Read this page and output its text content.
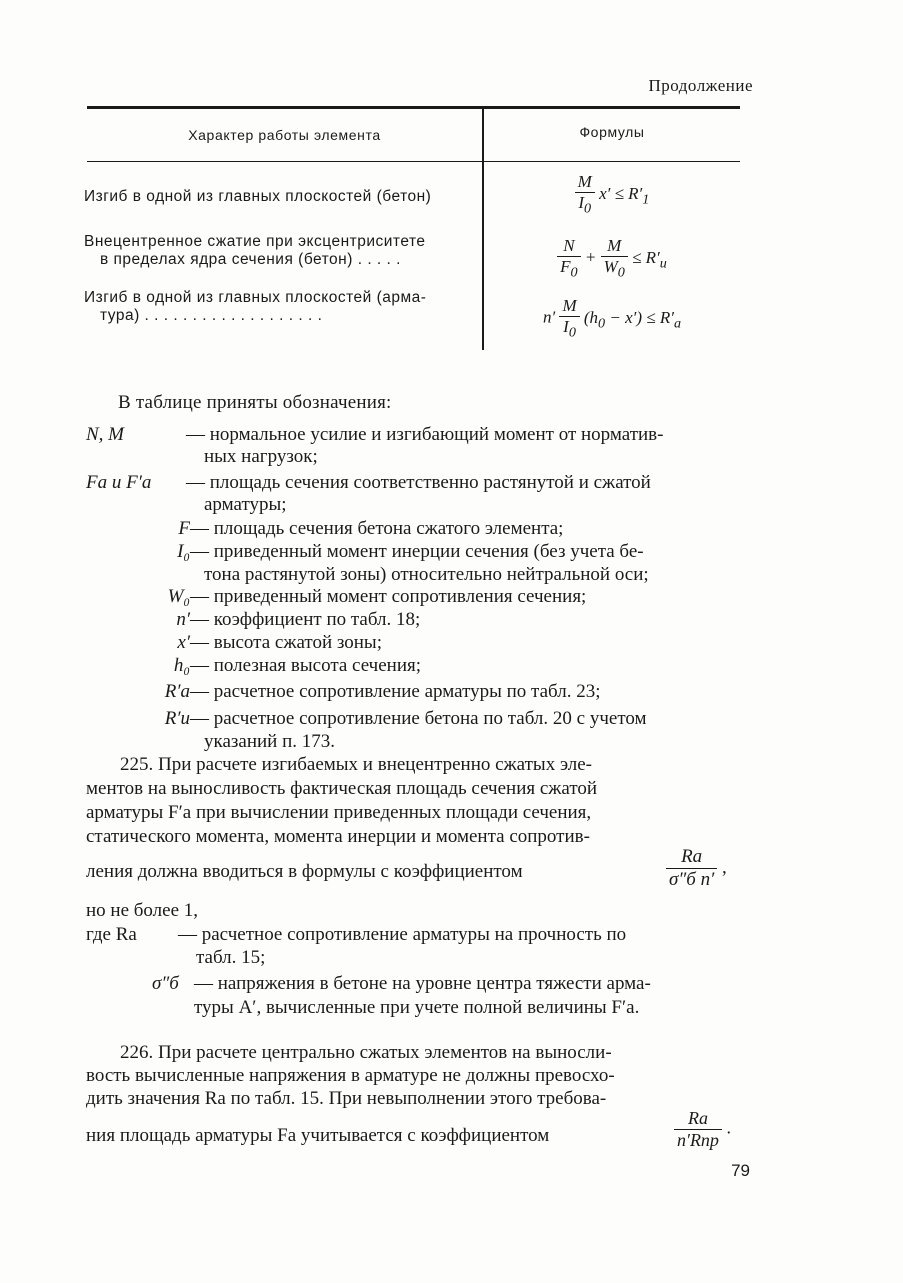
Продолжение
Характер работы элемента	Формулы
Изгиб в одной из главных плоскостей (бетон)	$\frac{M}{I_0} x' \le R'_1$
Внецентренное сжатие при эксцентриситете
в пределах ядра сечения (бетон) . . . . .	$\frac{N}{F_0} + \frac{M}{W_0} \le R'_и$
Изгиб в одной из главных плоскостей (арма-
тура) . . . . . . . . . . . . . . . . . . .	$n' \frac{M}{I_0} (h_0 - x') \le R'_а$
В таблице приняты обозначения:
N, M	— нормальное усилие и изгибающий момент от норматив-
ных нагрузок;
Fа и F′а	— площадь сечения соответственно растянутой и сжатой
арматуры;
F — площадь сечения бетона сжатого элемента;
I₀ — приведенный момент инерции сечения (без учета бе-
тона растянутой зоны) относительно нейтральной оси;
W₀ — приведенный момент сопротивления сечения;
n′ — коэффициент по табл. 18;
x′ — высота сжатой зоны;
h₀ — полезная высота сечения;
R′а — расчетное сопротивление арматуры по табл. 23;
R′и — расчетное сопротивление бетона по табл. 20 с учетом
указаний п. 173.
225. При расчете изгибаемых и внецентренно сжатых эле-
ментов на выносливость фактическая площадь сечения сжатой
арматуры F′а при вычислении приведенных площади сечения,
статического момента, момента инерции и момента сопротив-
ления должна вводиться в формулы с коэффициентом	$\frac{Rа}{\text{σ″б n′}}$ ,
но не более 1,
где Rа — расчетное сопротивление арматуры на прочность по
табл. 15;
σ″б — напряжения в бетоне на уровне центра тяжести арма-
туры A′, вычисленные при учете полной величины F′а.
226. При расчете центрально сжатых элементов на выносли-
вость вычисленные напряжения в арматуре не должны превосхо-
дить значения Rа по табл. 15. При невыполнении этого требова-
ния площадь арматуры Fа учитывается с коэффициентом	$\frac{Rа}{\text{n′Rпр}}$ .
79
